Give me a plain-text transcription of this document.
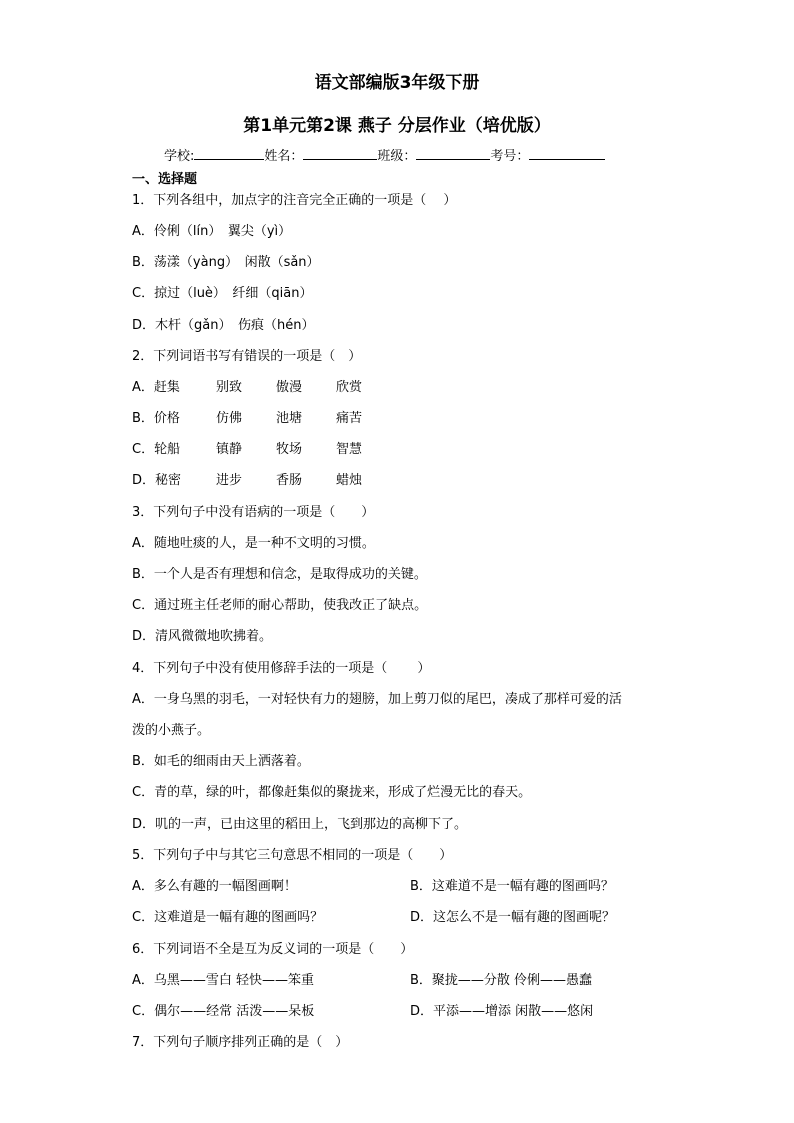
语文部编版3年级下册
第1单元第2课 燕子 分层作业（培优版）
学校:	姓名：	班级：	考号：
一、选择题
1．下列各组中，加点字的注音完全正确的一项是（　 ）
A．伶俐（lín）　翼尖（yì）
B．荡漾（yàng）　闲散（sǎn）
C．掠过（luè）　纤细（qiān）
D．木杆（gǎn）　伤痕（hén）
2．下列词语书写有错误的一项是（　）
A．赶集	别致	傲漫	欣赏
B．价格	仿佛	池塘	痛苦
C．轮船	镇静	牧场	智慧
D．秘密	进步	香肠	蜡烛
3．下列句子中没有语病的一项是（　　）
A．随地吐痰的人，是一种不文明的习惯。
B．一个人是否有理想和信念，是取得成功的关键。
C．通过班主任老师的耐心帮助，使我改正了缺点。
D．清风微微地吹拂着。
4．下列句子中没有使用修辞手法的一项是（　　 ）
A．一身乌黑的羽毛，一对轻快有力的翅膀，加上剪刀似的尾巴，凑成了那样可爱的活
泼的小燕子。
B．如毛的细雨由天上洒落着。
C．青的草，绿的叶，都像赶集似的聚拢来，形成了烂漫无比的春天。
D．叽的一声，已由这里的稻田上，飞到那边的高柳下了。
5．下列句子中与其它三句意思不相同的一项是（　　）
A．多么有趣的一幅图画啊！	B．这难道不是一幅有趣的图画吗？
C．这难道是一幅有趣的图画吗？	D．这怎么不是一幅有趣的图画呢？
6．下列词语不全是互为反义词的一项是（　　）
A．乌黑——雪白 轻快——笨重	B．聚拢——分散 伶俐——愚蠢
C．偶尔——经常 活泼——呆板	D．平添——增添 闲散——悠闲
7．下列句子顺序排列正确的是（　）
